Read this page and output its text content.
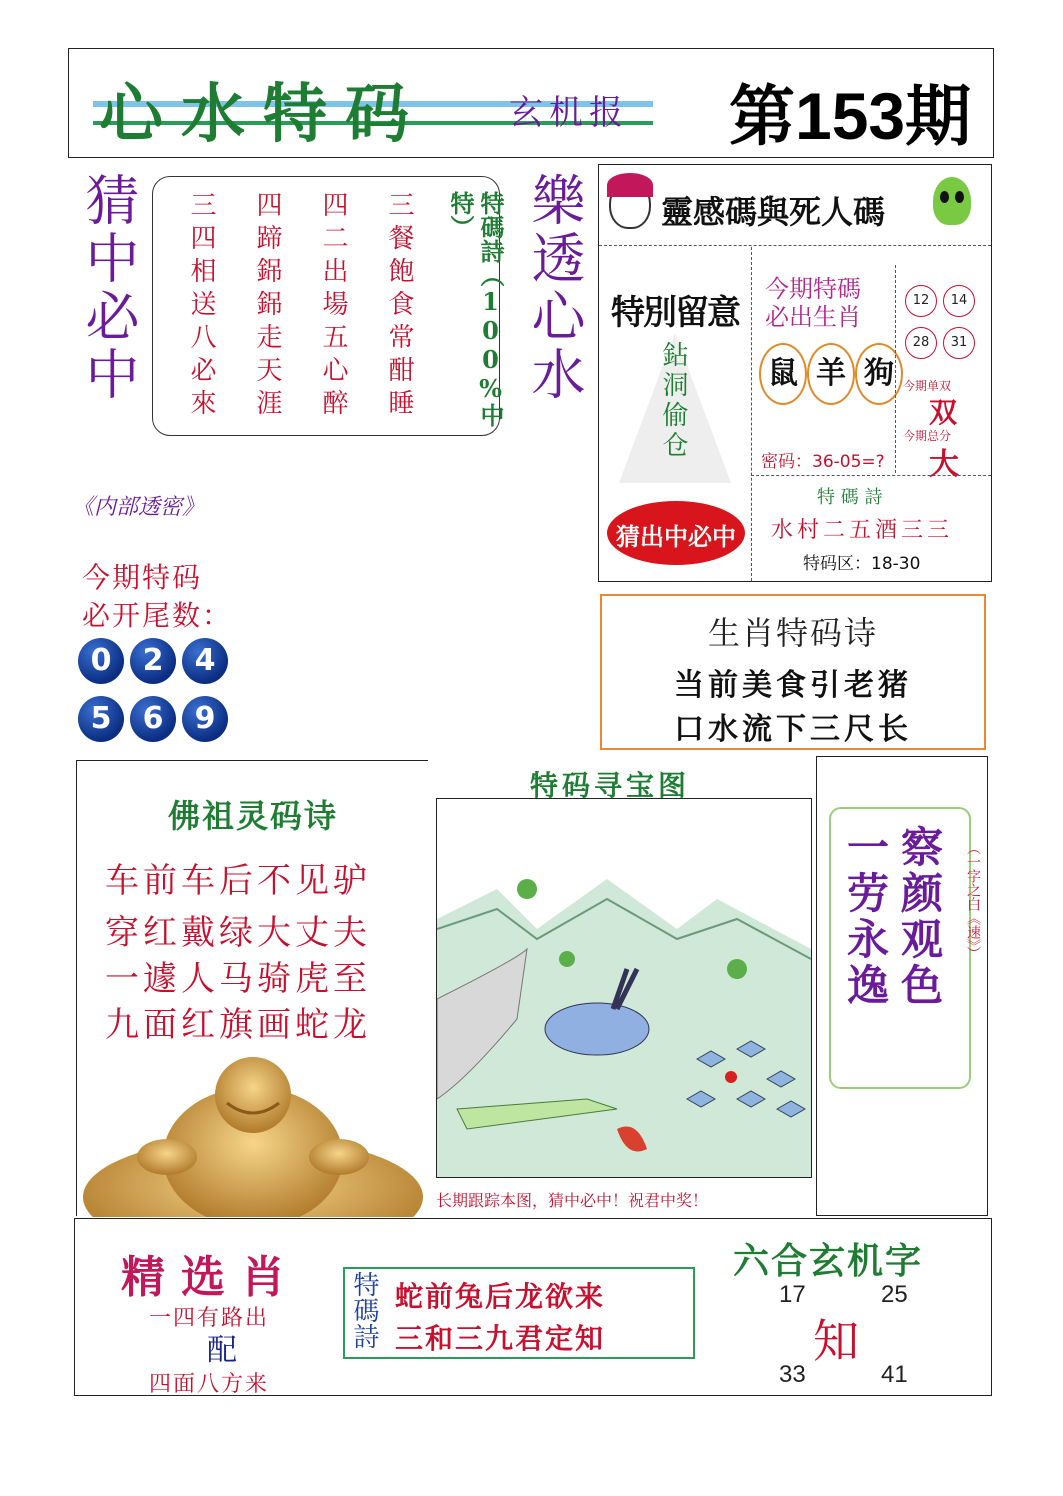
心水特码 玄机报 第153期
猜中必中 三四相送八必來 四蹄銱銱走天涯 四二出場五心醉 三餐飽食常酣睡	特碼詩（100%中特） 樂透心水 靈感碼與死人碼
特別留意
鉆洞偷仓
猜出中必中
今期特碼
必出生肖
鼠 羊 狗
密码：36-05=?
12	14
28	31
今期单双
双
今期总分
大
特 碼 詩
水村二五酒三三
特码区：18-30
《内部透密》
今期特码
必开尾数：
0	2	4
5	6	9
生肖特码诗
当前美食引老猪
口水流下三尺长
佛祖灵码诗
车前车后不见驴
穿红戴绿大丈夫
一遽人马骑虎至
九面红旗画蛇龙
特码寻宝图
长期跟踪本图，猜中必中！祝君中奖！
一劳永逸 察颜观色 （一字之白《速》）
精选肖
一四有路出
配
四面八方来
特碼詩 蛇前兔后龙欲来
三和三九君定知
六合玄机字
17	25
知
33	41
